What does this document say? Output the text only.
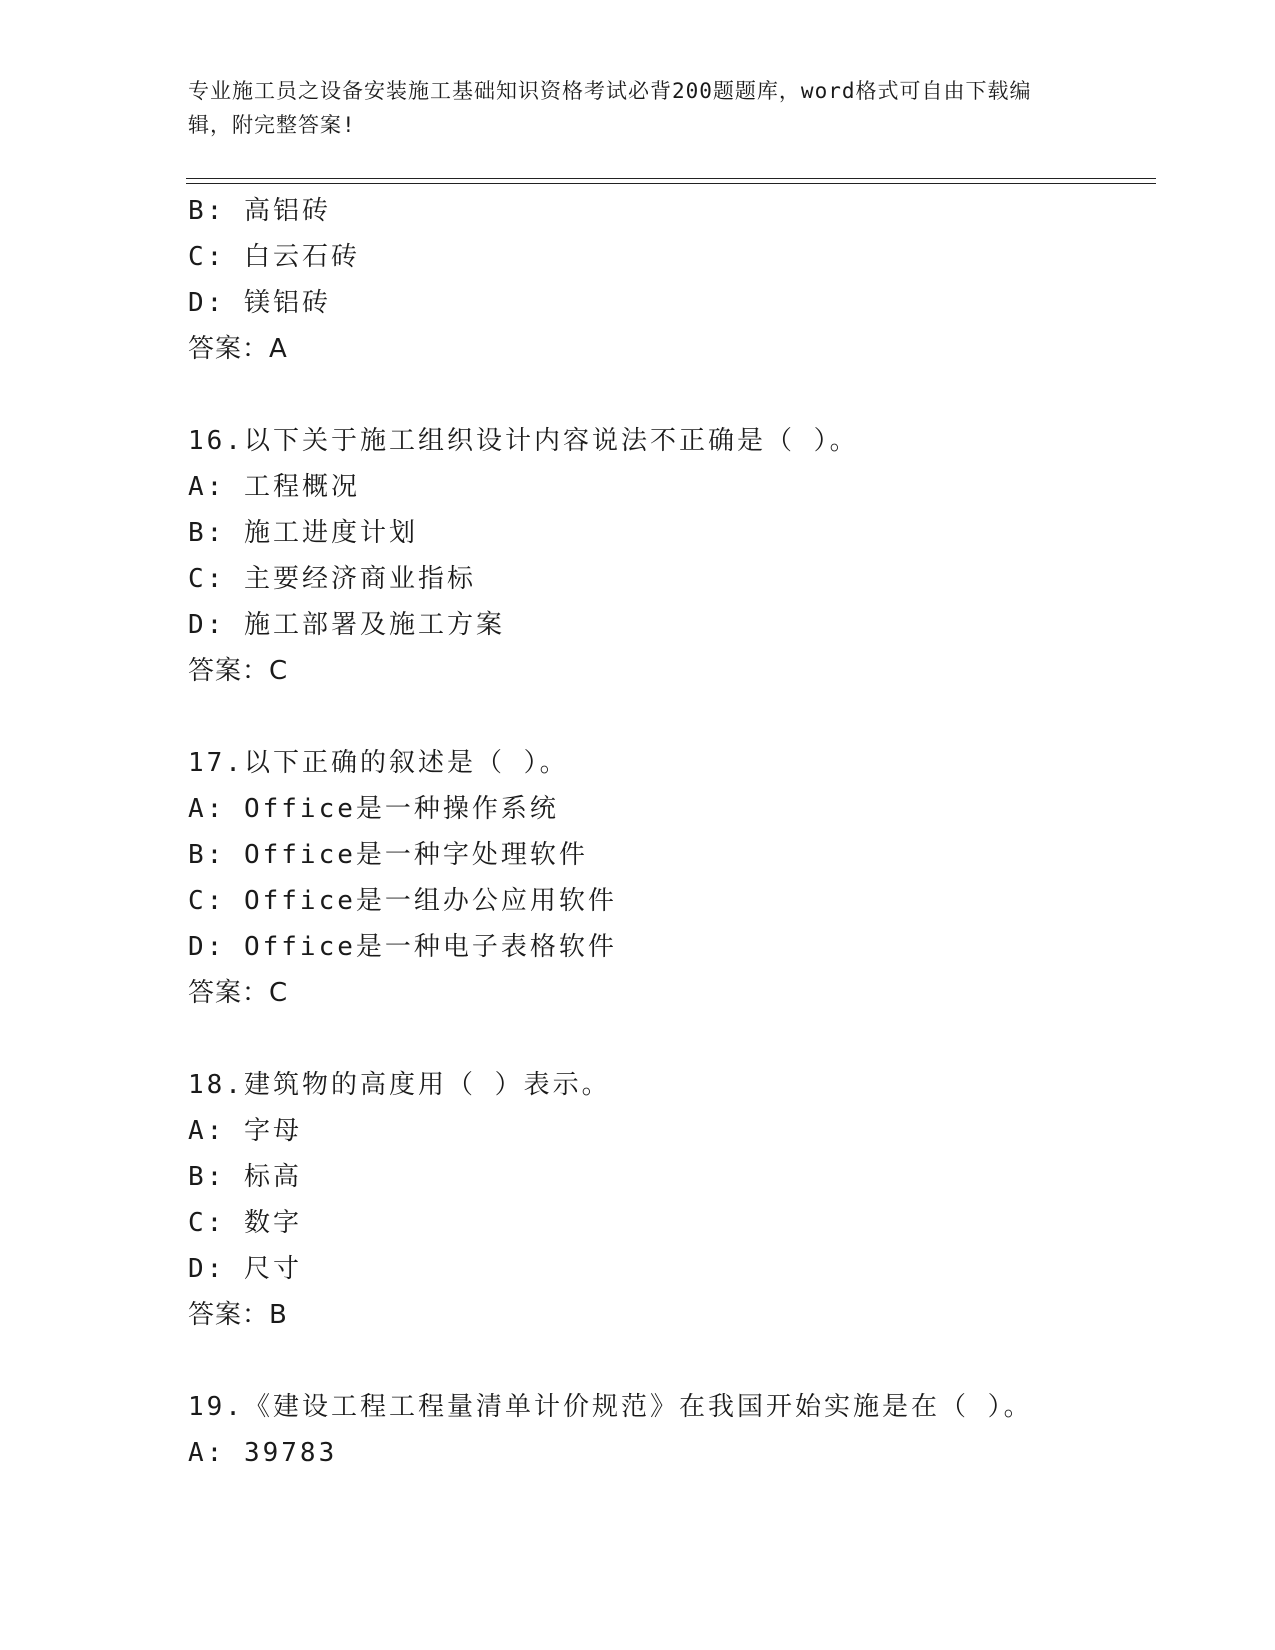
专业施工员之设备安装施工基础知识资格考试必背200题题库，word格式可自由下载编辑，附完整答案!
B: 高铝砖
C: 白云石砖
D: 镁铝砖
答案：A
16.以下关于施工组织设计内容说法不正确是（ ）。
A: 工程概况
B: 施工进度计划
C: 主要经济商业指标
D: 施工部署及施工方案
答案：C
17.以下正确的叙述是（ ）。
A: Office是一种操作系统
B: Office是一种字处理软件
C: Office是一组办公应用软件
D: Office是一种电子表格软件
答案：C
18.建筑物的高度用（ ）表示。
A: 字母
B: 标高
C: 数字
D: 尺寸
答案：B
19.《建设工程工程量清单计价规范》在我国开始实施是在（ ）。
A: 39783
